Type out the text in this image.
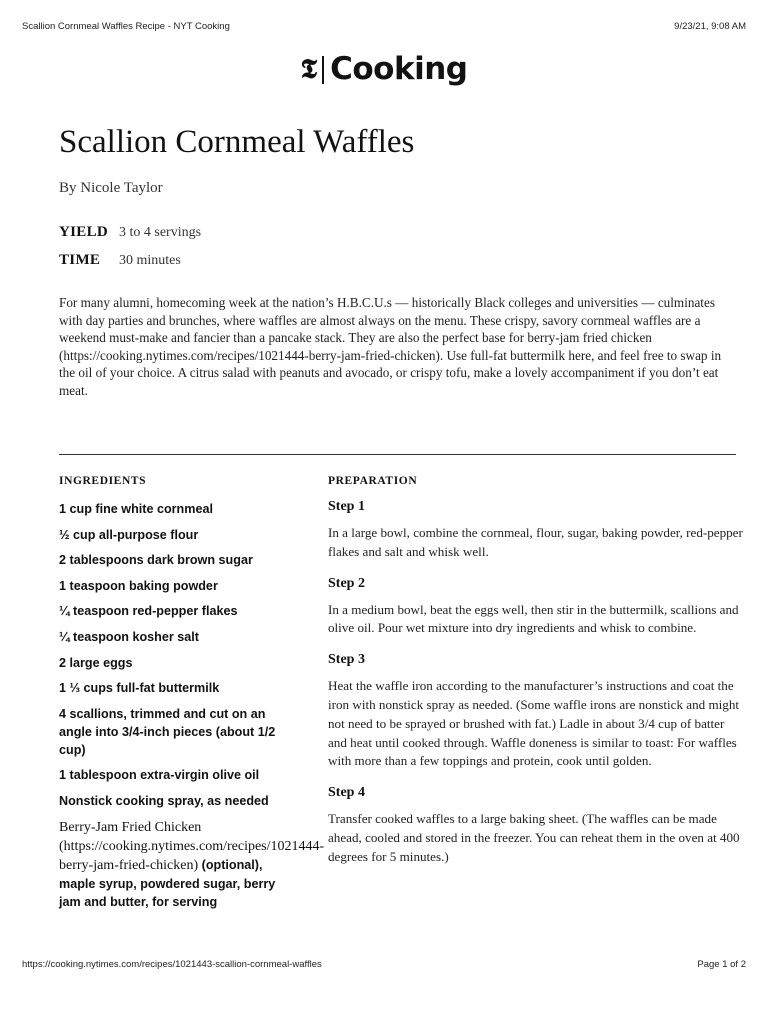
Scallion Cornmeal Waffles Recipe - NYT Cooking	9/23/21, 9:08 AM
𝕿 Cooking
Scallion Cornmeal Waffles
By Nicole Taylor
YIELD 3 to 4 servings
TIME	30 minutes

For many alumni, homecoming week at the nation’s H.B.C.U.s — historically Black colleges and universities — culminates with day parties and brunches, where waffles are almost always on the menu. These crispy, savory cornmeal waffles are a weekend must-make and fancier than a pancake stack. They are also the perfect base for berry-jam fried chicken (https://cooking.nytimes.com/recipes/1021444-berry-jam-fried-chicken). Use full-fat buttermilk here, and feel free to swap in the oil of your choice. A citrus salad with peanuts and avocado, or crispy tofu, make a lovely accompaniment if you don’t eat meat.

INGREDIENTS	PREPARATION
1 cup fine white cornmeal
½ cup all-purpose flour
2 tablespoons dark brown sugar
1 teaspoon baking powder
¼ teaspoon red-pepper flakes
¼ teaspoon kosher salt
2 large eggs
1 ⅓ cups full-fat buttermilk
4 scallions, trimmed and cut on an angle into 3/4-inch pieces (about 1/2 cup)
1 tablespoon extra-virgin olive oil
Nonstick cooking spray, as needed
Berry-Jam Fried Chicken (https://cooking.nytimes.com/recipes/1021444-berry-jam-fried-chicken) (optional), maple syrup, powdered sugar, berry jam and butter, for serving
Step 1

In a large bowl, combine the cornmeal, flour, sugar, baking powder, red-pepper flakes and salt and whisk well.

Step 2

In a medium bowl, beat the eggs well, then stir in the buttermilk, scallions and olive oil. Pour wet mixture into dry ingredients and whisk to combine.

Step 3

Heat the waffle iron according to the manufacturer’s instructions and coat the iron with nonstick spray as needed. (Some waffle irons are nonstick and might not need to be sprayed or brushed with fat.) Ladle in about 3/4 cup of batter and heat until cooked through. Waffle doneness is similar to toast: For waffles with more than a few toppings and protein, cook until golden.

Step 4

Transfer cooked waffles to a large baking sheet. (The waffles can be made ahead, cooled and stored in the freezer. You can reheat them in the oven at 400 degrees for 5 minutes.)

https://cooking.nytimes.com/recipes/1021443-scallion-cornmeal-waffles	Page 1 of 2
